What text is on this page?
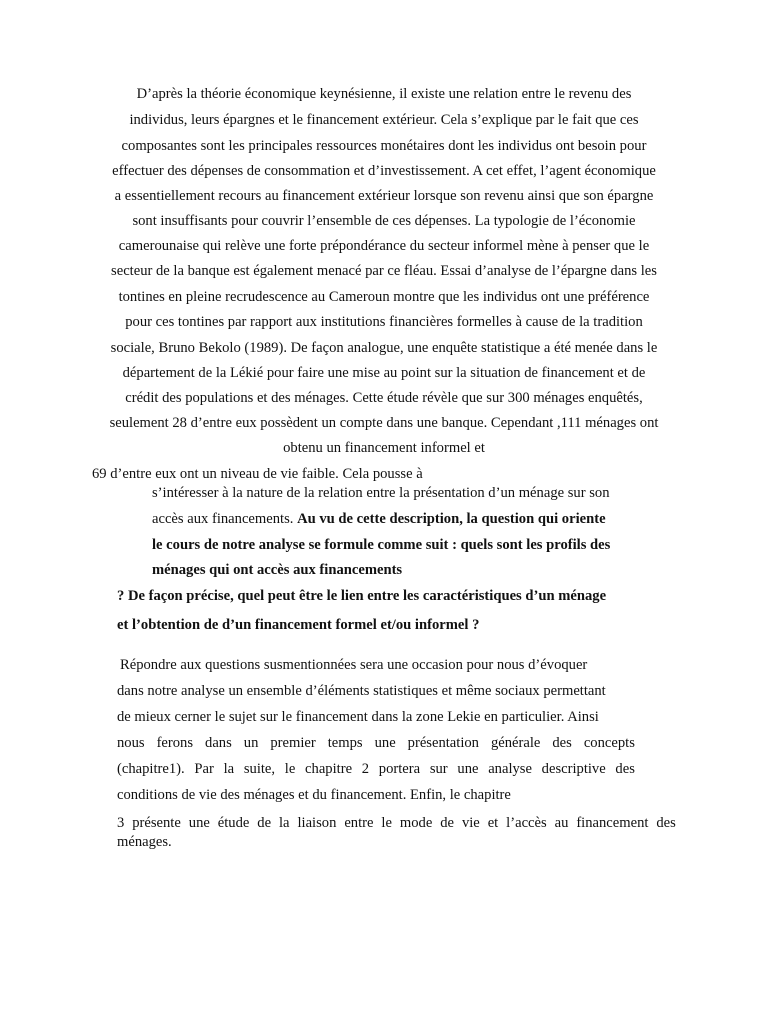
D’après la théorie économique keynésienne, il existe une relation entre le revenu des
individus, leurs épargnes et le financement extérieur. Cela s’explique par le fait que ces
composantes sont les principales ressources monétaires dont les individus ont besoin pour
effectuer des dépenses de consommation et d’investissement. A cet effet, l’agent économique
a essentiellement recours au financement extérieur lorsque son revenu ainsi que son épargne
sont insuffisants pour couvrir l’ensemble de ces dépenses. La typologie de l’économie
camerounaise qui relève une forte prépondérance du secteur informel mène à penser que le
secteur de la banque est également menacé par ce fléau. Essai d’analyse de l’épargne dans les
tontines en pleine recrudescence au Cameroun montre que les individus ont une préférence
pour ces tontines par rapport aux institutions financières formelles à cause de la tradition
sociale, Bruno Bekolo (1989). De façon analogue, une enquête statistique a été menée dans le
département de la Lékié pour faire une mise au point sur la situation de financement et de
crédit des populations et des ménages. Cette étude révèle que sur 300 ménages enquêtés,
seulement 28 d’entre eux possèdent un compte dans une banque. Cependant ,111 ménages ont
obtenu un financement informel et
69 d’entre eux ont un niveau de vie faible. Cela pousse à
s’intéresser à la nature de la relation entre la présentation d’un ménage sur son
accès aux financements. Au vu de cette description, la question qui oriente
le cours de notre analyse se formule comme suit : quels sont les profils des
ménages qui ont accès aux financements
? De façon précise, quel peut être le lien entre les caractéristiques d’un ménage
et l’obtention de d’un financement formel et/ou informel ?
Répondre aux questions susmentionnées sera une occasion pour nous d’évoquer
dans notre analyse un ensemble d’éléments statistiques et même sociaux permettant
de mieux cerner le sujet sur le financement dans la zone Lekie en particulier. Ainsi
nous ferons dans un premier temps une présentation générale des concepts
(chapitre1). Par la suite, le chapitre 2 portera sur une analyse descriptive des
conditions de vie des ménages et du financement. Enfin, le chapitre
3 présente une étude de la liaison entre le mode de vie et l’accès au financement des
ménages.
